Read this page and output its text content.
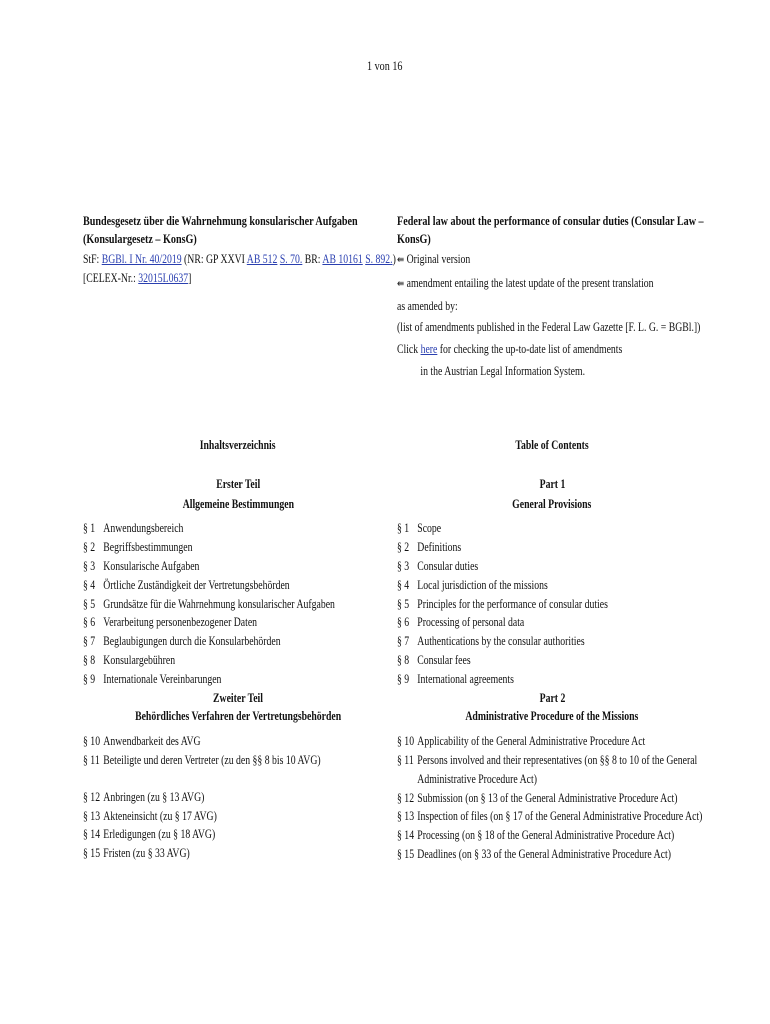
1 von 16
Bundesgesetz über die Wahrnehmung konsularischer Aufgaben
(Konsulargesetz – KonsG)
StF: BGBl. I Nr. 40/2019 (NR: GP XXVI AB 512 S. 70. BR: AB 10161 S. 892.)
[CELEX-Nr.: 32015L0637]
Federal law about the performance of consular duties (Consular Law –
KonsG)
⇚ Original version
⇚ amendment entailing the latest update of the present translation
as amended by:
(list of amendments published in the Federal Law Gazette [F. L. G. = BGBl.])
Click here for checking the up-to-date list of amendments
in the Austrian Legal Information System.
Inhaltsverzeichnis
Erster Teil
Allgemeine Bestimmungen
§ 1 Anwendungsbereich
§ 2 Begriffsbestimmungen
§ 3 Konsularische Aufgaben
§ 4 Örtliche Zuständigkeit der Vertretungsbehörden
§ 5 Grundsätze für die Wahrnehmung konsularischer Aufgaben
§ 6 Verarbeitung personenbezogener Daten
§ 7 Beglaubigungen durch die Konsularbehörden
§ 8 Konsulargebühren
§ 9 Internationale Vereinbarungen
Zweiter Teil
Behördliches Verfahren der Vertretungsbehörden
§ 10 Anwendbarkeit des AVG
§ 11 Beteiligte und deren Vertreter (zu den §§ 8 bis 10 AVG)
§ 12 Anbringen (zu § 13 AVG)
§ 13 Akteneinsicht (zu § 17 AVG)
§ 14 Erledigungen (zu § 18 AVG)
§ 15 Fristen (zu § 33 AVG)
Table of Contents
Part 1
General Provisions
§ 1 Scope
§ 2 Definitions
§ 3 Consular duties
§ 4 Local jurisdiction of the missions
§ 5 Principles for the performance of consular duties
§ 6 Processing of personal data
§ 7 Authentications by the consular authorities
§ 8 Consular fees
§ 9 International agreements
Part 2
Administrative Procedure of the Missions
§ 10 Applicability of the General Administrative Procedure Act
§ 11 Persons involved and their representatives (on §§ 8 to 10 of the General
Administrative Procedure Act)
§ 12 Submission (on § 13 of the General Administrative Procedure Act)
§ 13 Inspection of files (on § 17 of the General Administrative Procedure Act)
§ 14 Processing (on § 18 of the General Administrative Procedure Act)
§ 15 Deadlines (on § 33 of the General Administrative Procedure Act)
